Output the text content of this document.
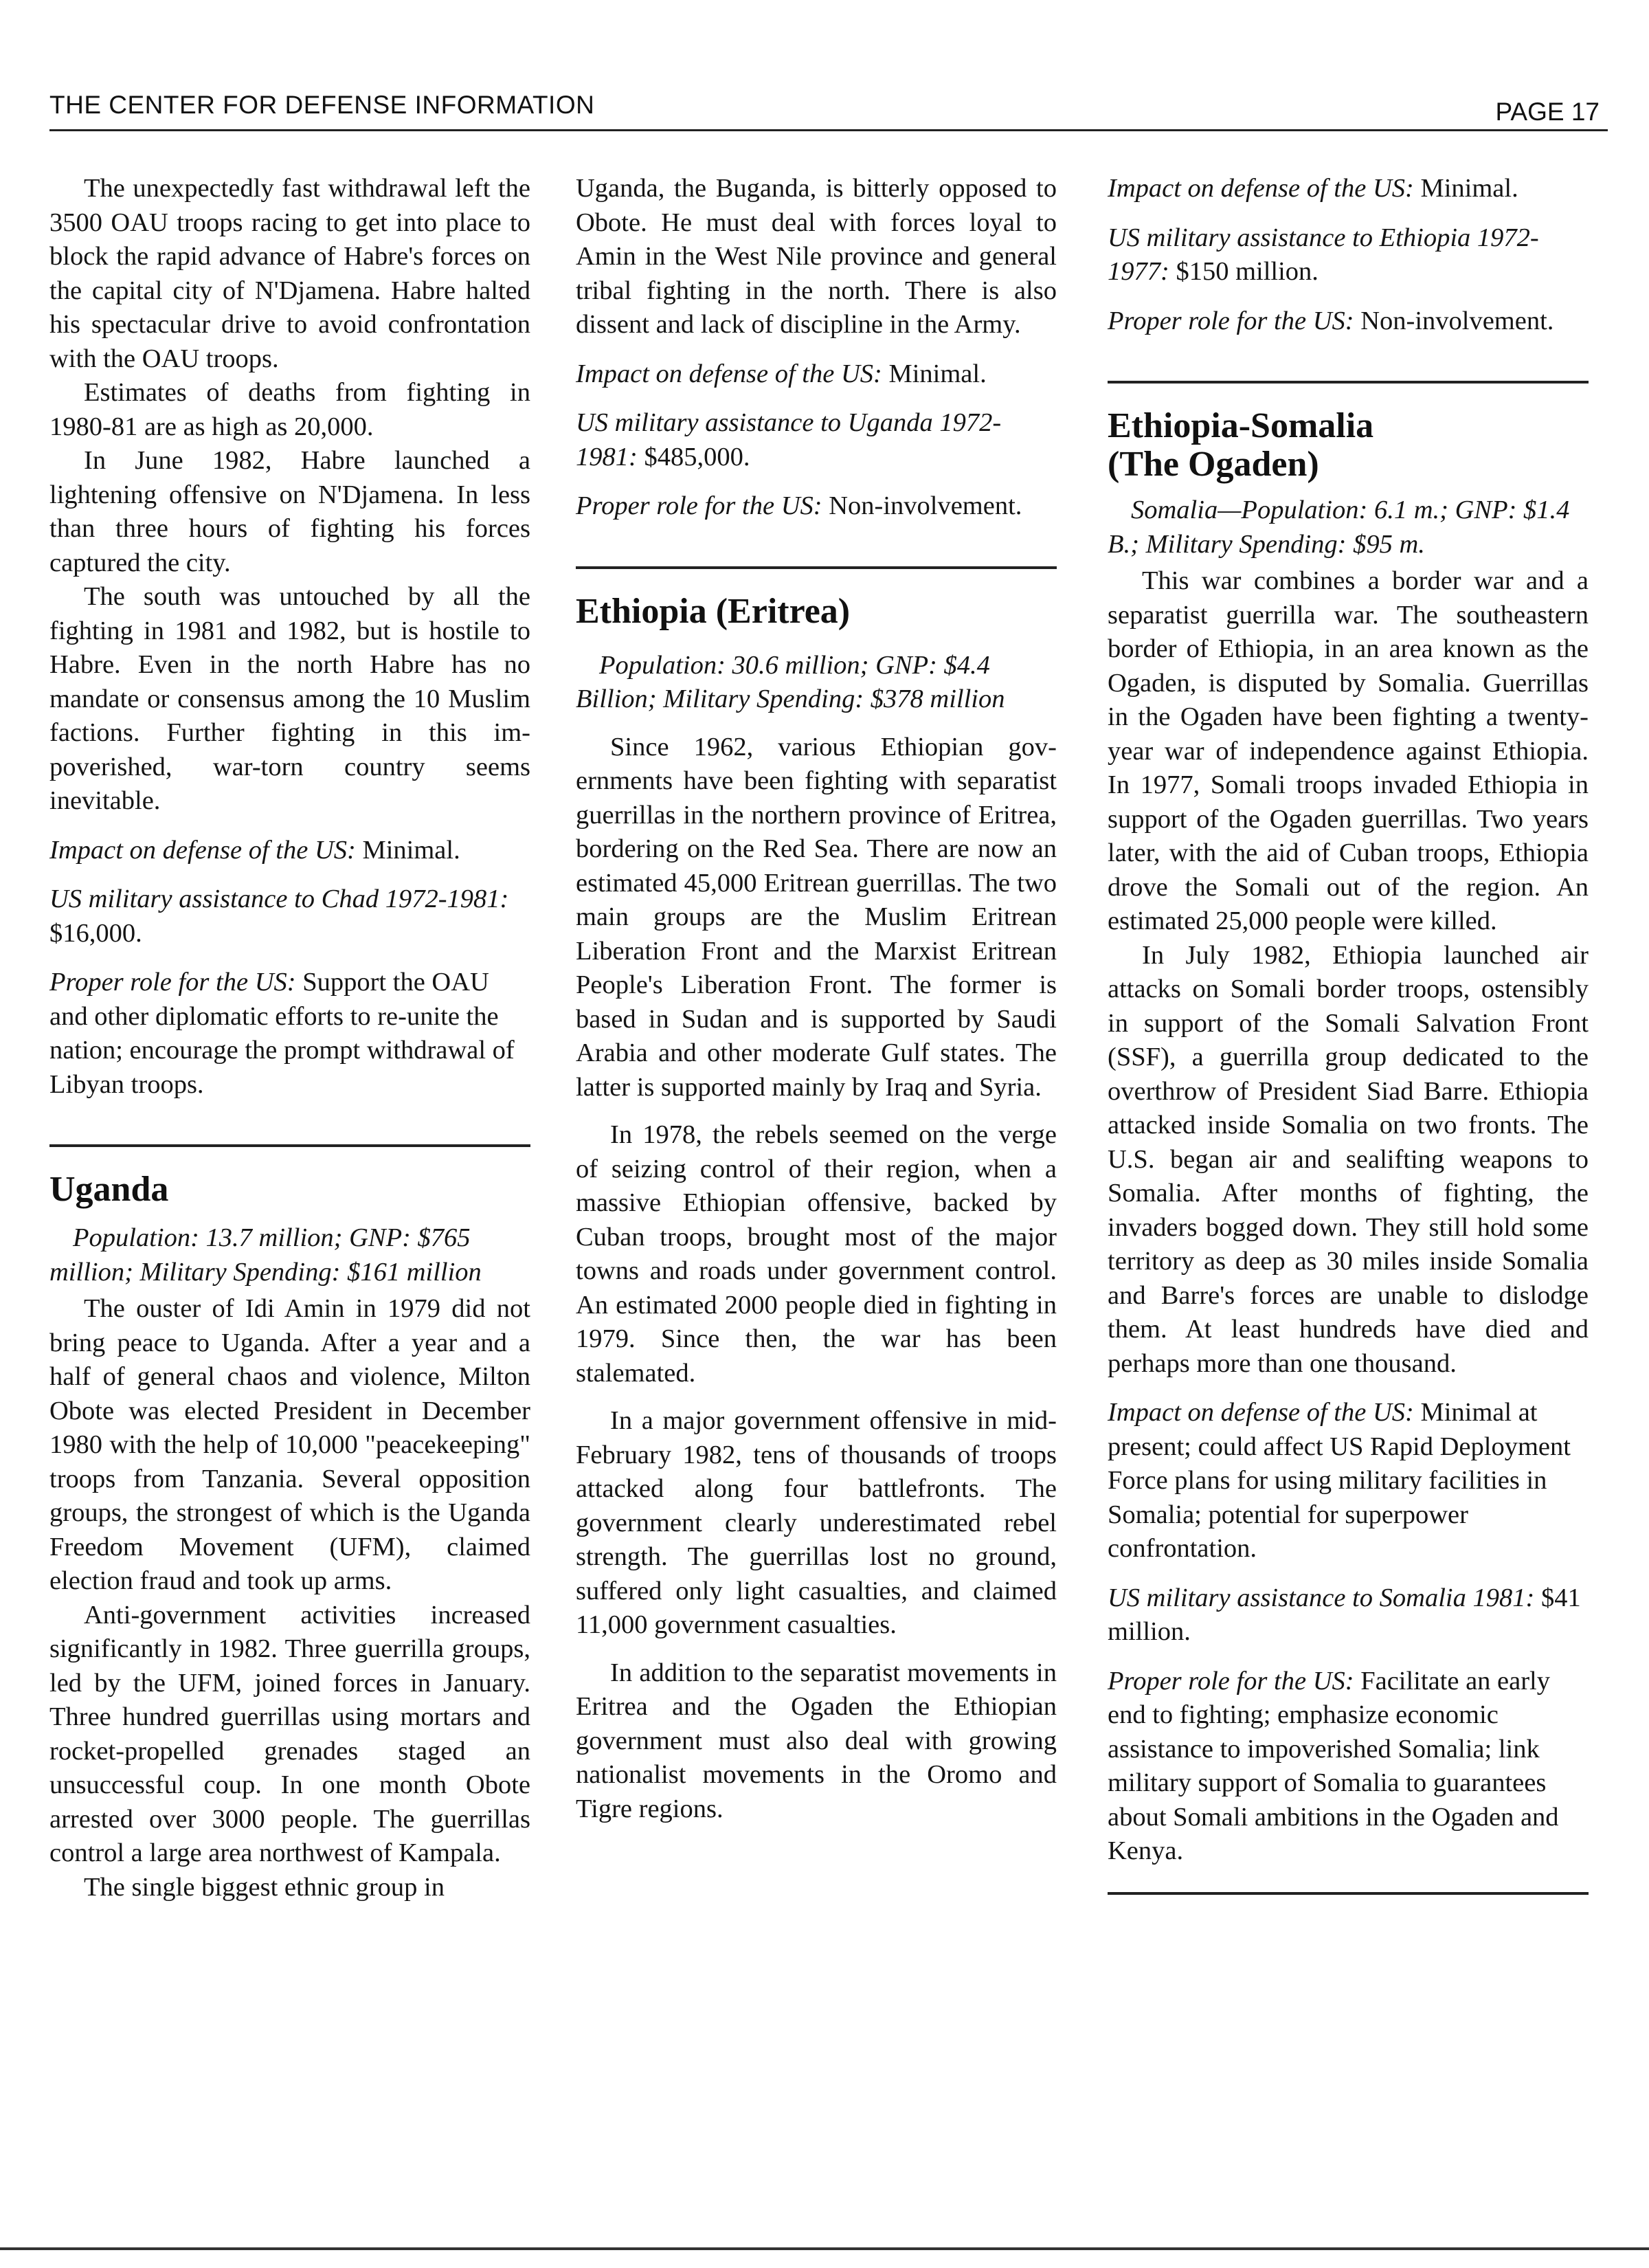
THE CENTER FOR DEFENSE INFORMATION	PAGE 17

The unexpectedly fast withdrawal left the 3500 OAU troops racing to get into place to block the rapid advance of Habre's forces on the capital city of N'Djamena. Habre halted his spectacular drive to avoid confrontation with the OAU troops.

Estimates of deaths from fighting in 1980-81 are as high as 20,000.

In June 1982, Habre launched a lightening offensive on N'Djamena. In less than three hours of fighting his forces captured the city.

The south was untouched by all the fighting in 1981 and 1982, but is hostile to Habre. Even in the north Habre has no mandate or consensus among the 10 Muslim factions. Further fighting in this impoverished, war-torn country seems inevitable.

Impact on defense of the US: Minimal.

US military assistance to Chad 1972-1981: $16,000.

Proper role for the US: Support the OAU and other diplomatic efforts to re-unite the nation; encourage the prompt withdrawal of Libyan troops.

Uganda

Population: 13.7 million; GNP: $765 million; Military Spending: $161 million

The ouster of Idi Amin in 1979 did not bring peace to Uganda. After a year and a half of general chaos and violence, Milton Obote was elected President in December 1980 with the help of 10,000 "peacekeeping" troops from Tanzania. Several opposition groups, the strongest of which is the Uganda Freedom Movement (UFM), claimed election fraud and took up arms.

Anti-government activities increased significantly in 1982. Three guerrilla groups, led by the UFM, joined forces in January. Three hundred guerrillas using mortars and rocket-propelled grenades staged an unsuccessful coup. In one month Obote arrested over 3000 people. The guerrillas control a large area northwest of Kampala.

The single biggest ethnic group in

Uganda, the Buganda, is bitterly opposed to Obote. He must deal with forces loyal to Amin in the West Nile province and general tribal fighting in the north. There is also dissent and lack of discipline in the Army.

Impact on defense of the US: Minimal.

US military assistance to Uganda 1972-1981: $485,000.

Proper role for the US: Non-involvement.

Ethiopia (Eritrea)

Population: 30.6 million; GNP: $4.4 Billion; Military Spending: $378 million

Since 1962, various Ethiopian governments have been fighting with separatist guerrillas in the northern province of Eritrea, bordering on the Red Sea. There are now an estimated 45,000 Eritrean guerrillas. The two main groups are the Muslim Eritrean Liberation Front and the Marxist Eritrean People's Liberation Front. The former is based in Sudan and is supported by Saudi Arabia and other moderate Gulf states. The latter is supported mainly by Iraq and Syria.

In 1978, the rebels seemed on the verge of seizing control of their region, when a massive Ethiopian offensive, backed by Cuban troops, brought most of the major towns and roads under government control. An estimated 2000 people died in fighting in 1979. Since then, the war has been stalemated.

In a major government offensive in mid-February 1982, tens of thousands of troops attacked along four battlefronts. The government clearly underestimated rebel strength. The guerrillas lost no ground, suffered only light casualties, and claimed 11,000 government casualties.

In addition to the separatist movements in Eritrea and the Ogaden the Ethiopian government must also deal with growing nationalist movements in the Oromo and Tigre regions.

Impact on defense of the US: Minimal.

US military assistance to Ethiopia 1972-1977: $150 million.

Proper role for the US: Non-involvement.

Ethiopia-Somalia
(The Ogaden)

Somalia—Population: 6.1 m.; GNP: $1.4 B.; Military Spending: $95 m.

This war combines a border war and a separatist guerrilla war. The southeastern border of Ethiopia, in an area known as the Ogaden, is disputed by Somalia. Guerrillas in the Ogaden have been fighting a twenty-year war of independence against Ethiopia. In 1977, Somali troops invaded Ethiopia in support of the Ogaden guerrillas. Two years later, with the aid of Cuban troops, Ethiopia drove the Somali out of the region. An estimated 25,000 people were killed.

In July 1982, Ethiopia launched air attacks on Somali border troops, ostensibly in support of the Somali Salvation Front (SSF), a guerrilla group dedicated to the overthrow of President Siad Barre. Ethiopia attacked inside Somalia on two fronts. The U.S. began air and sealifting weapons to Somalia. After months of fighting, the invaders bogged down. They still hold some territory as deep as 30 miles inside Somalia and Barre's forces are unable to dislodge them. At least hundreds have died and perhaps more than one thousand.

Impact on defense of the US: Minimal at present; could affect US Rapid Deployment Force plans for using military facilities in Somalia; potential for superpower confrontation.

US military assistance to Somalia 1981: $41 million.

Proper role for the US: Facilitate an early end to fighting; emphasize economic assistance to impoverished Somalia; link military support of Somalia to guarantees about Somali ambitions in the Ogaden and Kenya.
